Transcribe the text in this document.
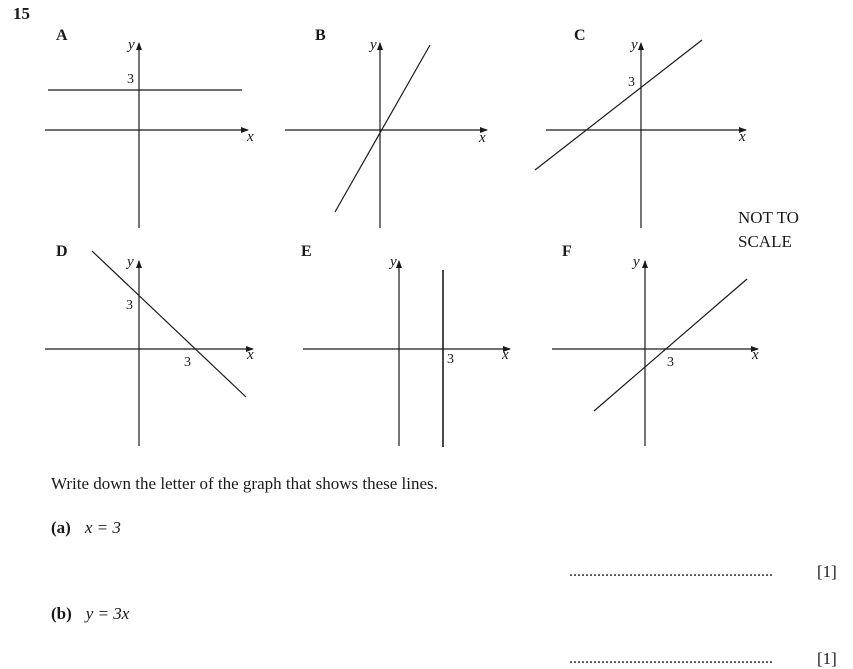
15
A
y
x
3
B
y
x
C
y
x
3
D
y
x
3
3
E
y
x
3
F
y
x
3
NOT TO
SCALE
Write down the letter of the graph that shows these lines.
(a) x = 3
...................................................	[1]
(b) y = 3x
...................................................	[1]
